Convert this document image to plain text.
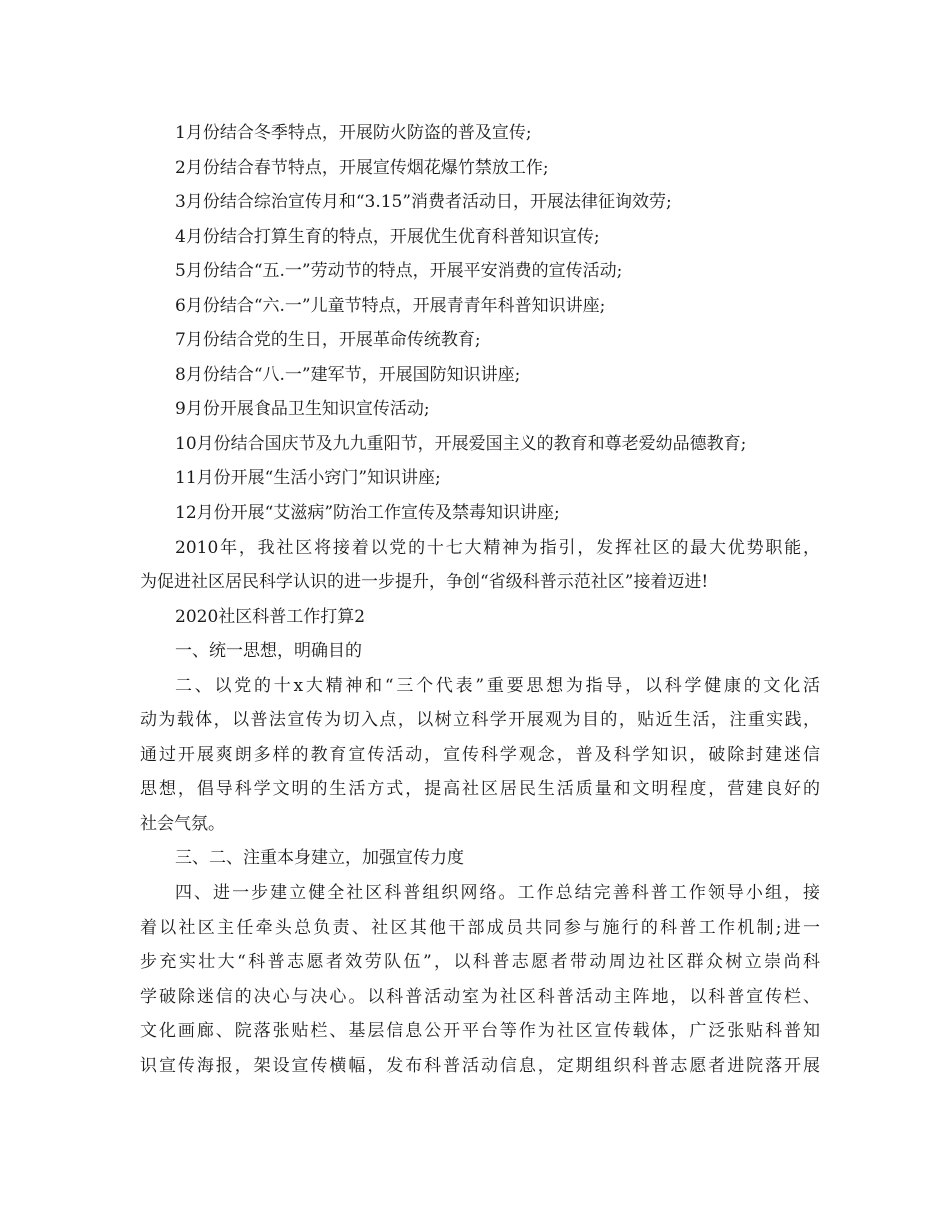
1月份结合冬季特点，开展防火防盗的普及宣传;
2月份结合春节特点，开展宣传烟花爆竹禁放工作;
3月份结合综治宣传月和“3.15”消费者活动日，开展法律征询效劳;
4月份结合打算生育的特点，开展优生优育科普知识宣传;
5月份结合“五.一”劳动节的特点，开展平安消费的宣传活动;
6月份结合“六.一”儿童节特点，开展青青年科普知识讲座;
7月份结合党的生日，开展革命传统教育;
8月份结合“八.一”建军节，开展国防知识讲座;
9月份开展食品卫生知识宣传活动;
10月份结合国庆节及九九重阳节，开展爱国主义的教育和尊老爱幼品德教育;
11月份开展“生活小窍门”知识讲座;
12月份开展“艾滋病”防治工作宣传及禁毒知识讲座;
2010年，我社区将接着以党的十七大精神为指引，发挥社区的最大优势职能，
为促进社区居民科学认识的进一步提升，争创“省级科普示范社区”接着迈进!
2020社区科普工作打算2
一、统一思想，明确目的
二、以党的十x大精神和“三个代表”重要思想为指导，以科学健康的文化活
动为载体，以普法宣传为切入点，以树立科学开展观为目的，贴近生活，注重实践，
通过开展爽朗多样的教育宣传活动，宣传科学观念，普及科学知识，破除封建迷信
思想，倡导科学文明的生活方式，提高社区居民生活质量和文明程度，营建良好的
社会气氛。
三、二、注重本身建立，加强宣传力度
四、进一步建立健全社区科普组织网络。工作总结完善科普工作领导小组，接
着以社区主任牵头总负责、社区其他干部成员共同参与施行的科普工作机制;进一
步充实壮大“科普志愿者效劳队伍”，以科普志愿者带动周边社区群众树立崇尚科
学破除迷信的决心与决心。以科普活动室为社区科普活动主阵地，以科普宣传栏、
文化画廊、院落张贴栏、基层信息公开平台等作为社区宣传载体，广泛张贴科普知
识宣传海报，架设宣传横幅，发布科普活动信息，定期组织科普志愿者进院落开展
